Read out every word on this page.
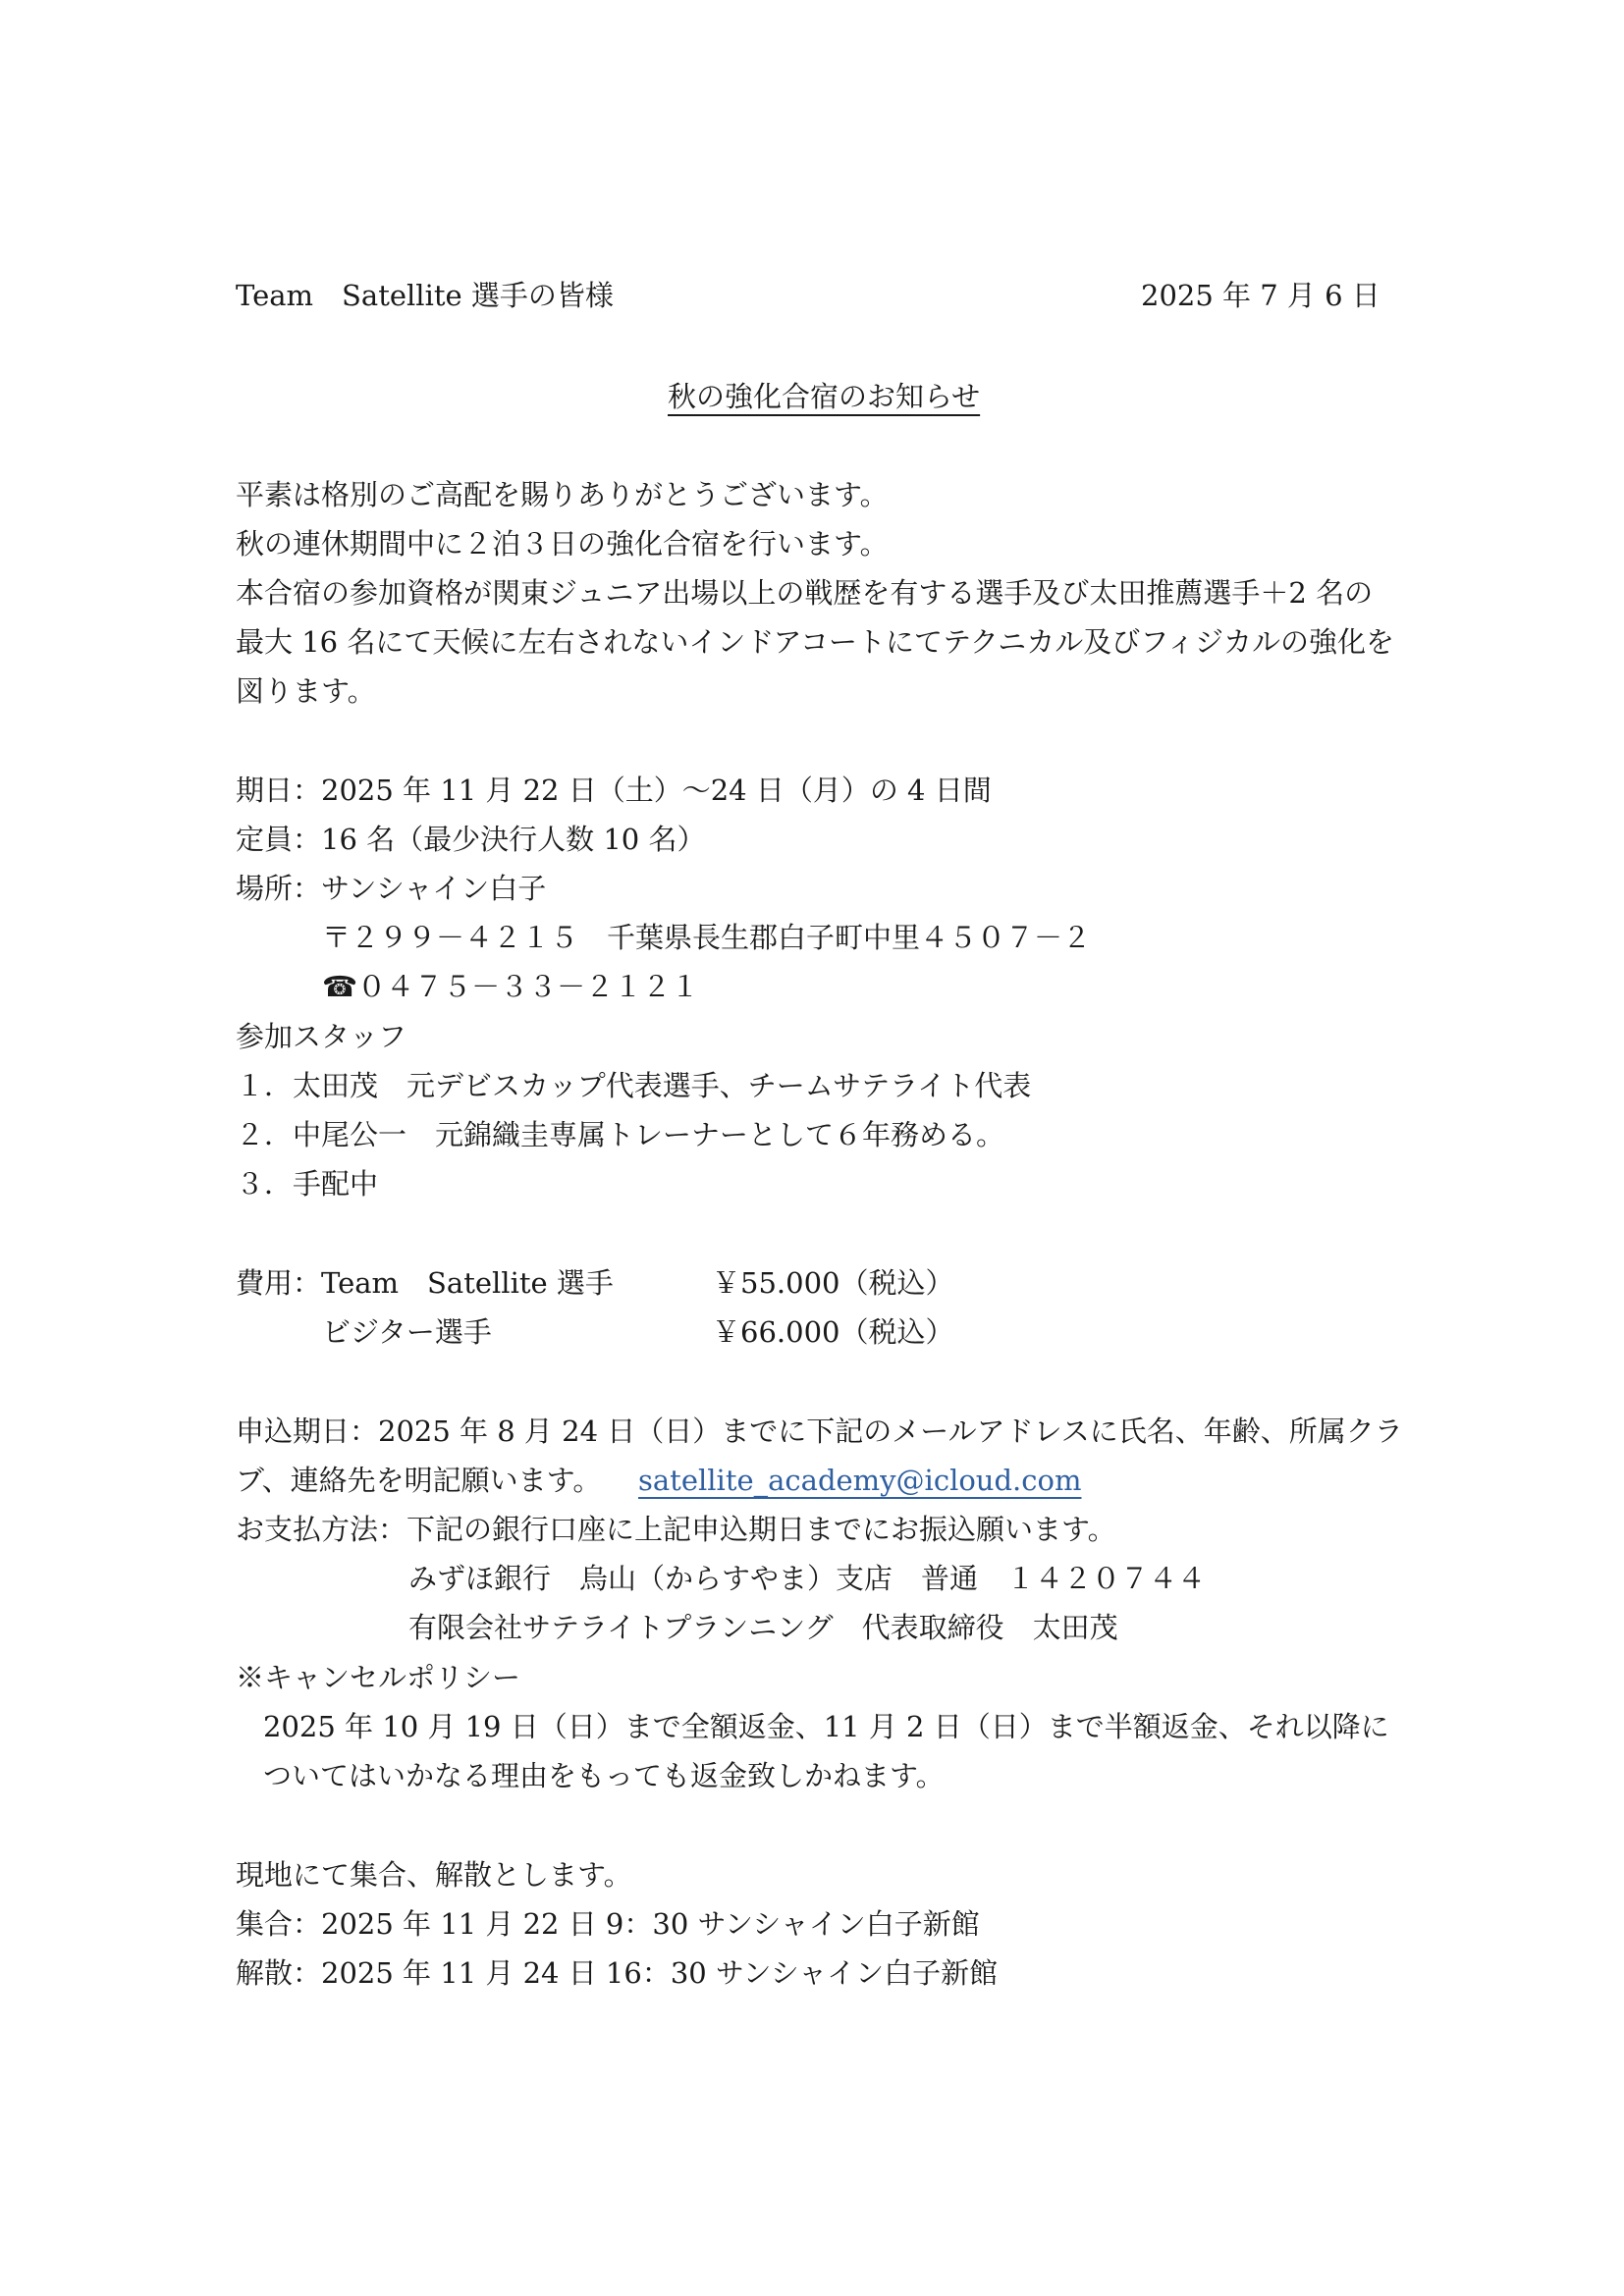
Team　Satellite 選手の皆様	2025 年 7 月 6 日
秋の強化合宿のお知らせ
平素は格別のご高配を賜りありがとうございます。
秋の連休期間中に２泊３日の強化合宿を行います。
本合宿の参加資格が関東ジュニア出場以上の戦歴を有する選手及び太田推薦選手＋2 名の
最大 16 名にて天候に左右されないインドアコートにてテクニカル及びフィジカルの強化を
図ります。
期日：2025 年 11 月 22 日（土）～24 日（月）の 4 日間
定員：16 名（最少決行人数 10 名）
場所：サンシャイン白子
〒２９９－４２１５　千葉県長生郡白子町中里４５０７－２
☎０４７５－３３－２１２１
参加スタッフ
１．太田茂　元デビスカップ代表選手、チームサテライト代表
２．中尾公一　元錦織圭専属トレーナーとして６年務める。
３．手配中
費用：Team　Satellite 選手	￥55.000（税込）
ビジター選手	￥66.000（税込）
申込期日：2025 年 8 月 24 日（日）までに下記のメールアドレスに氏名、年齢、所属クラ
ブ、連絡先を明記願います。 satellite_academy@icloud.com
お支払方法：下記の銀行口座に上記申込期日までにお振込願います。
みずほ銀行　烏山（からすやま）支店　普通　１４２０７４４
有限会社サテライトプランニング　代表取締役　太田茂
※キャンセルポリシー
2025 年 10 月 19 日（日）まで全額返金、11 月 2 日（日）まで半額返金、それ以降に
ついてはいかなる理由をもっても返金致しかねます。
現地にて集合、解散とします。
集合：2025 年 11 月 22 日 9：30 サンシャイン白子新館
解散：2025 年 11 月 24 日 16：30 サンシャイン白子新館
